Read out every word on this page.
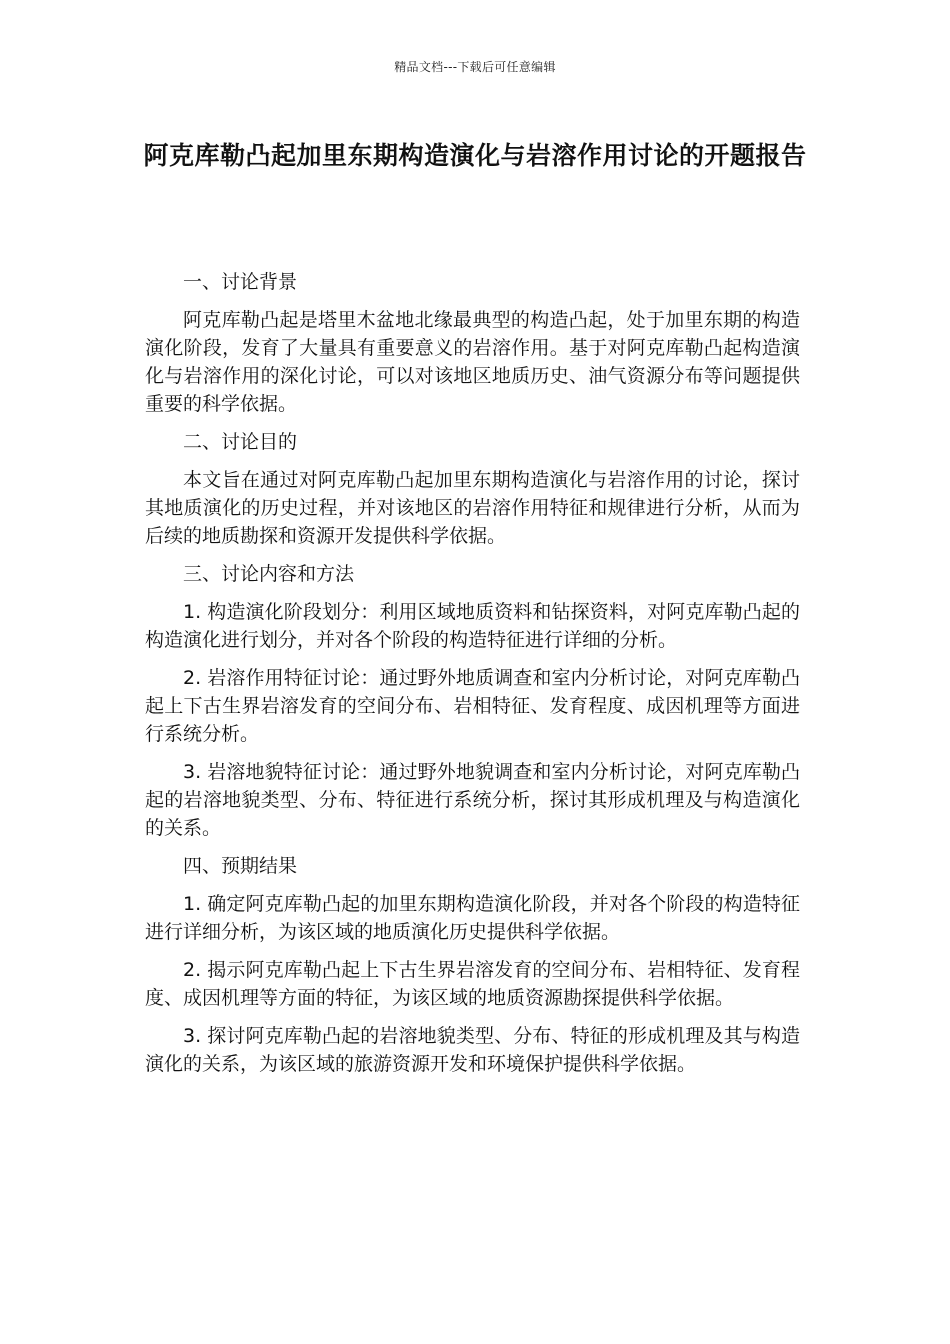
精品文档---下载后可任意编辑
阿克库勒凸起加里东期构造演化与岩溶作用讨论的开题报告

一、讨论背景

阿克库勒凸起是塔里木盆地北缘最典型的构造凸起，处于加里东期的构造演化阶段，发育了大量具有重要意义的岩溶作用。基于对阿克库勒凸起构造演化与岩溶作用的深化讨论，可以对该地区地质历史、油气资源分布等问题提供重要的科学依据。

二、讨论目的

本文旨在通过对阿克库勒凸起加里东期构造演化与岩溶作用的讨论，探讨其地质演化的历史过程，并对该地区的岩溶作用特征和规律进行分析，从而为后续的地质勘探和资源开发提供科学依据。

三、讨论内容和方法

1. 构造演化阶段划分：利用区域地质资料和钻探资料，对阿克库勒凸起的构造演化进行划分，并对各个阶段的构造特征进行详细的分析。

2. 岩溶作用特征讨论：通过野外地质调查和室内分析讨论，对阿克库勒凸起上下古生界岩溶发育的空间分布、岩相特征、发育程度、成因机理等方面进行系统分析。

3. 岩溶地貌特征讨论：通过野外地貌调查和室内分析讨论，对阿克库勒凸起的岩溶地貌类型、分布、特征进行系统分析，探讨其形成机理及与构造演化的关系。

四、预期结果

1. 确定阿克库勒凸起的加里东期构造演化阶段，并对各个阶段的构造特征进行详细分析，为该区域的地质演化历史提供科学依据。

2. 揭示阿克库勒凸起上下古生界岩溶发育的空间分布、岩相特征、发育程度、成因机理等方面的特征，为该区域的地质资源勘探提供科学依据。

3. 探讨阿克库勒凸起的岩溶地貌类型、分布、特征的形成机理及其与构造演化的关系，为该区域的旅游资源开发和环境保护提供科学依据。
